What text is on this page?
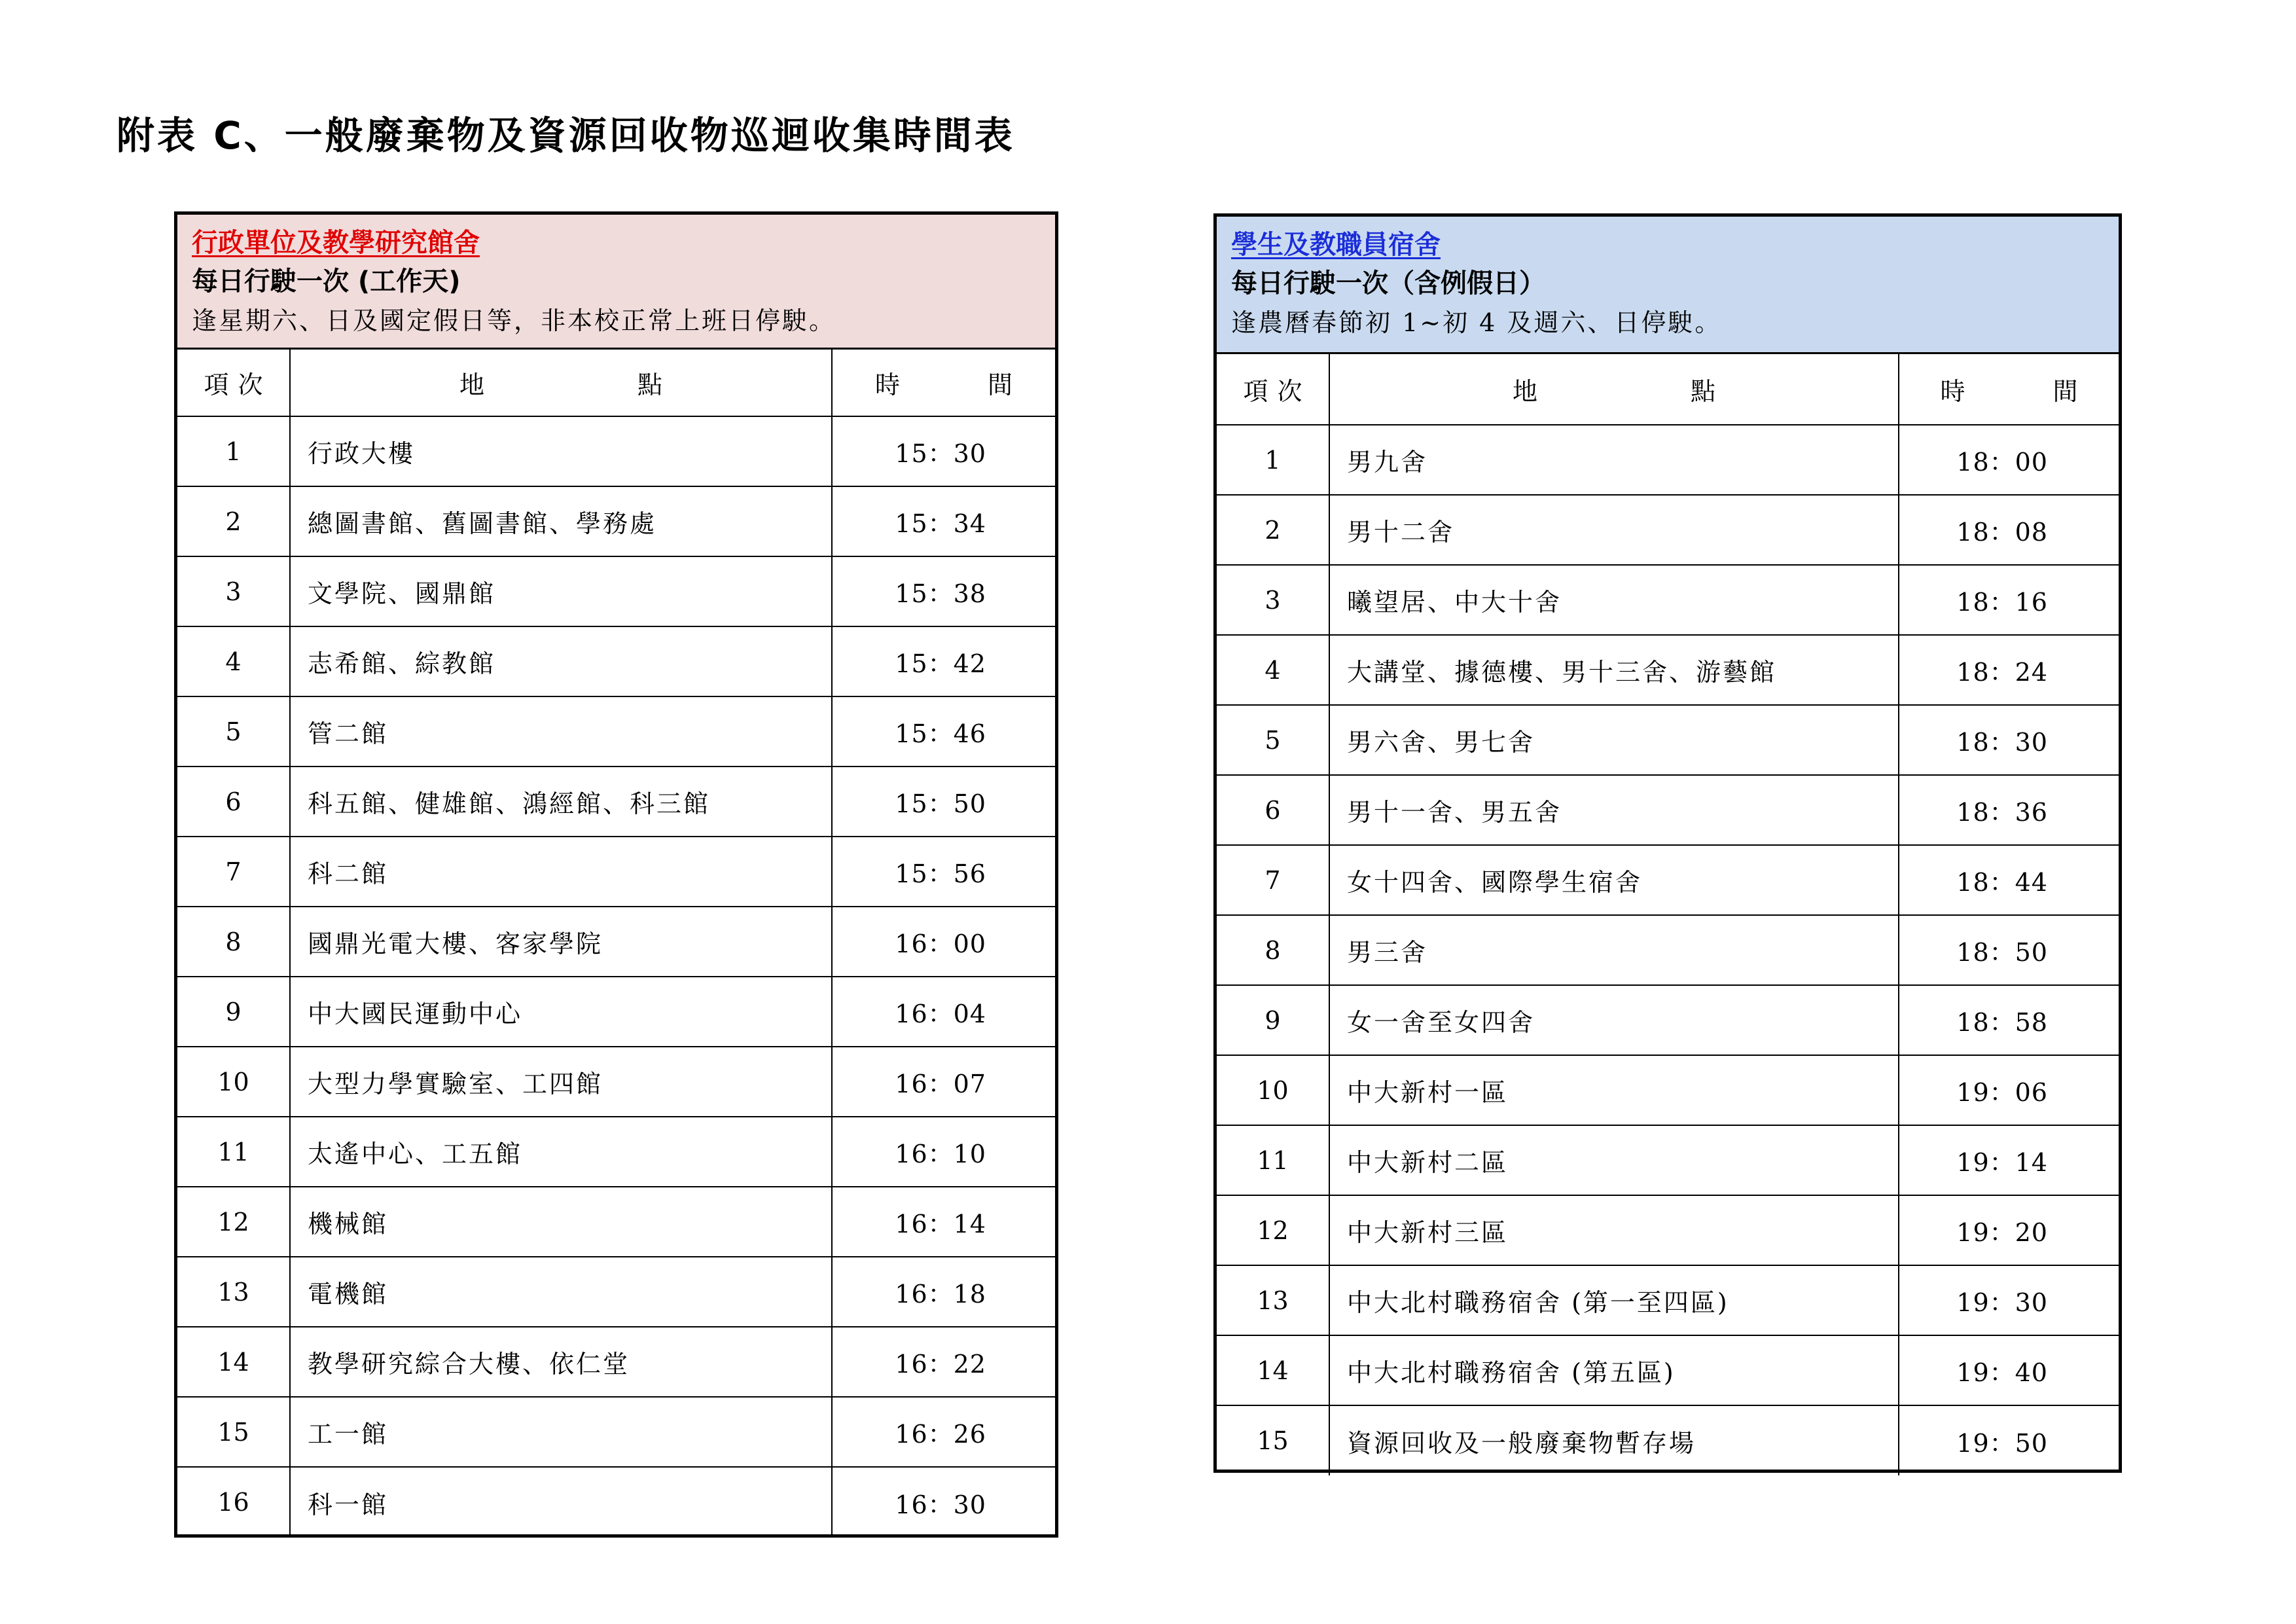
附表 C、一般廢棄物及資源回收物巡迴收集時間表
行政單位及教學研究館舍
每日行駛一次 (工作天)
逢星期六、日及國定假日等，非本校正常上班日停駛。
項 次	地 點	時 間

1	行政大樓	15：30
2	總圖書館、舊圖書館、學務處	15：34
3	文學院、國鼎館	15：38
4	志希館、綜教館	15：42
5	管二館	15：46
6	科五館、健雄館、鴻經館、科三館	15：50
7	科二館	15：56
8	國鼎光電大樓、客家學院	16：00
9	中大國民運動中心	16：04
10	大型力學實驗室、工四館	16：07
11	太遙中心、工五館	16：10
12	機械館	16：14
13	電機館	16：18
14	教學研究綜合大樓、依仁堂	16：22
15	工一館	16：26
16	科一館	16：30
學生及教職員宿舍
每日行駛一次（含例假日）
逢農曆春節初 1~初 4 及週六、日停駛。
項 次	地 點	時 間

1	男九舍	18：00
2	男十二舍	18：08
3	曦望居、中大十舍	18：16
4	大講堂、據德樓、男十三舍、游藝館	18：24
5	男六舍、男七舍	18：30
6	男十一舍、男五舍	18：36
7	女十四舍、國際學生宿舍	18：44
8	男三舍	18：50
9	女一舍至女四舍	18：58
10	中大新村一區	19：06
11	中大新村二區	19：14
12	中大新村三區	19：20
13	中大北村職務宿舍 (第一至四區)	19：30
14	中大北村職務宿舍 (第五區)	19：40
15	資源回收及一般廢棄物暫存場	19：50
